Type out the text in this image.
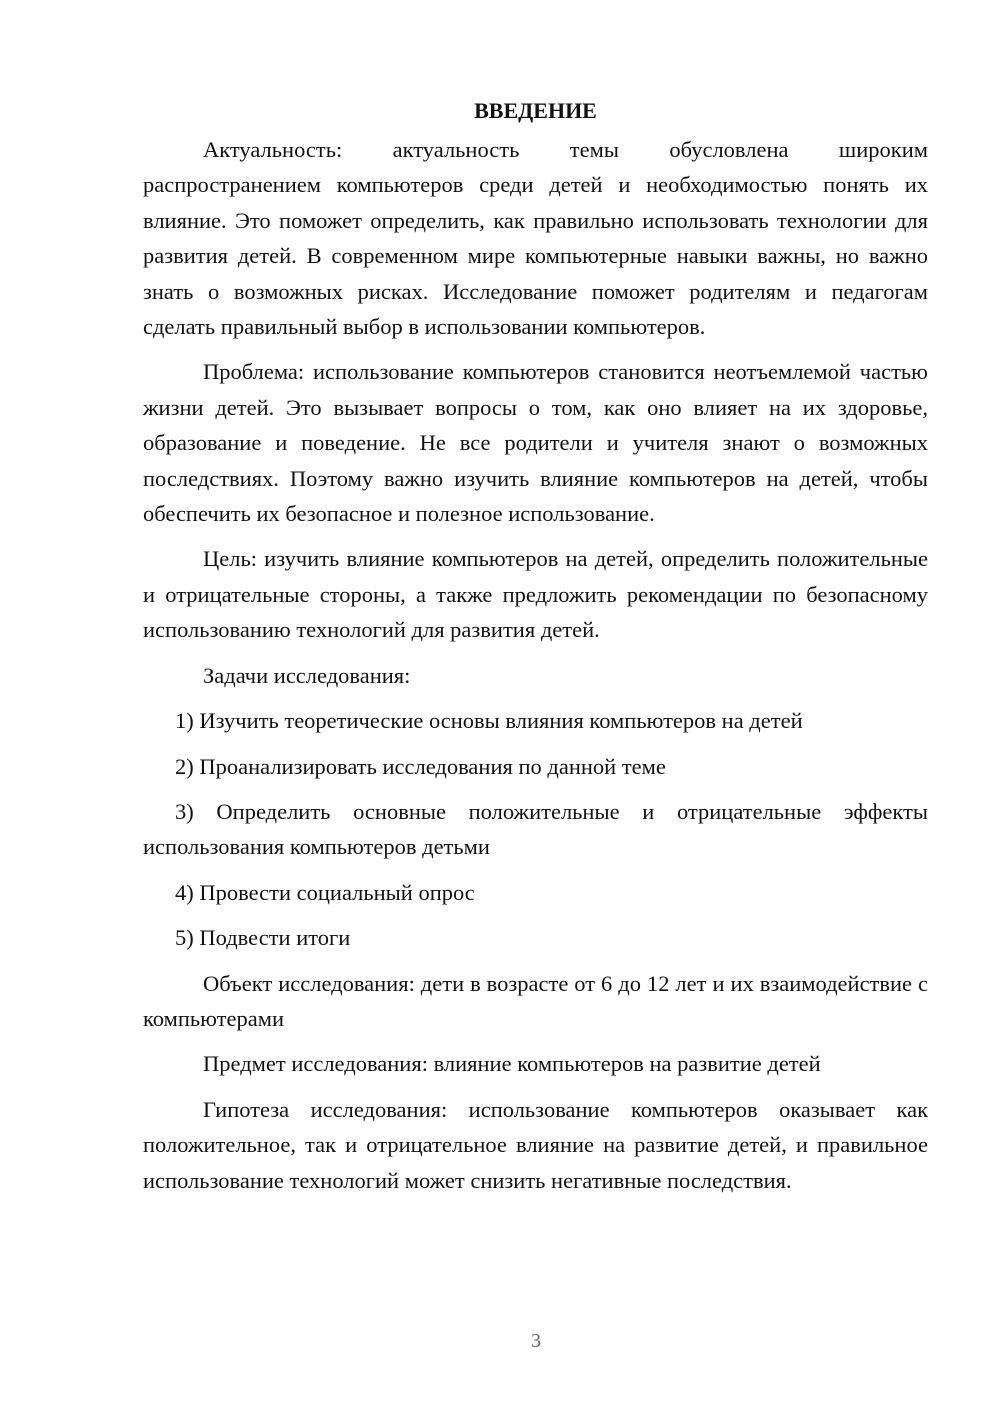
ВВЕДЕНИЕ

Актуальность: актуальность темы обусловлена широким распространением компьютеров среди детей и необходимостью понять их влияние. Это поможет определить, как правильно использовать технологии для развития детей. В современном мире компьютерные навыки важны, но важно знать о возможных рисках. Исследование поможет родителям и педагогам сделать правильный выбор в использовании компьютеров.

Проблема: использование компьютеров становится неотъемлемой частью жизни детей. Это вызывает вопросы о том, как оно влияет на их здоровье, образование и поведение. Не все родители и учителя знают о возможных последствиях. Поэтому важно изучить влияние компьютеров на детей, чтобы обеспечить их безопасное и полезное использование.

Цель: изучить влияние компьютеров на детей, определить положительные и отрицательные стороны, а также предложить рекомендации по безопасному использованию технологий для развития детей.

Задачи исследования:

1) Изучить теоретические основы влияния компьютеров на детей

2) Проанализировать исследования по данной теме

3) Определить основные положительные и отрицательные эффекты использования компьютеров детьми

4) Провести социальный опрос

5) Подвести итоги

Объект исследования: дети в возрасте от 6 до 12 лет и их взаимодействие с компьютерами

Предмет исследования: влияние компьютеров на развитие детей

Гипотеза исследования: использование компьютеров оказывает как положительное, так и отрицательное влияние на развитие детей, и правильное использование технологий может снизить негативные последствия.

3
